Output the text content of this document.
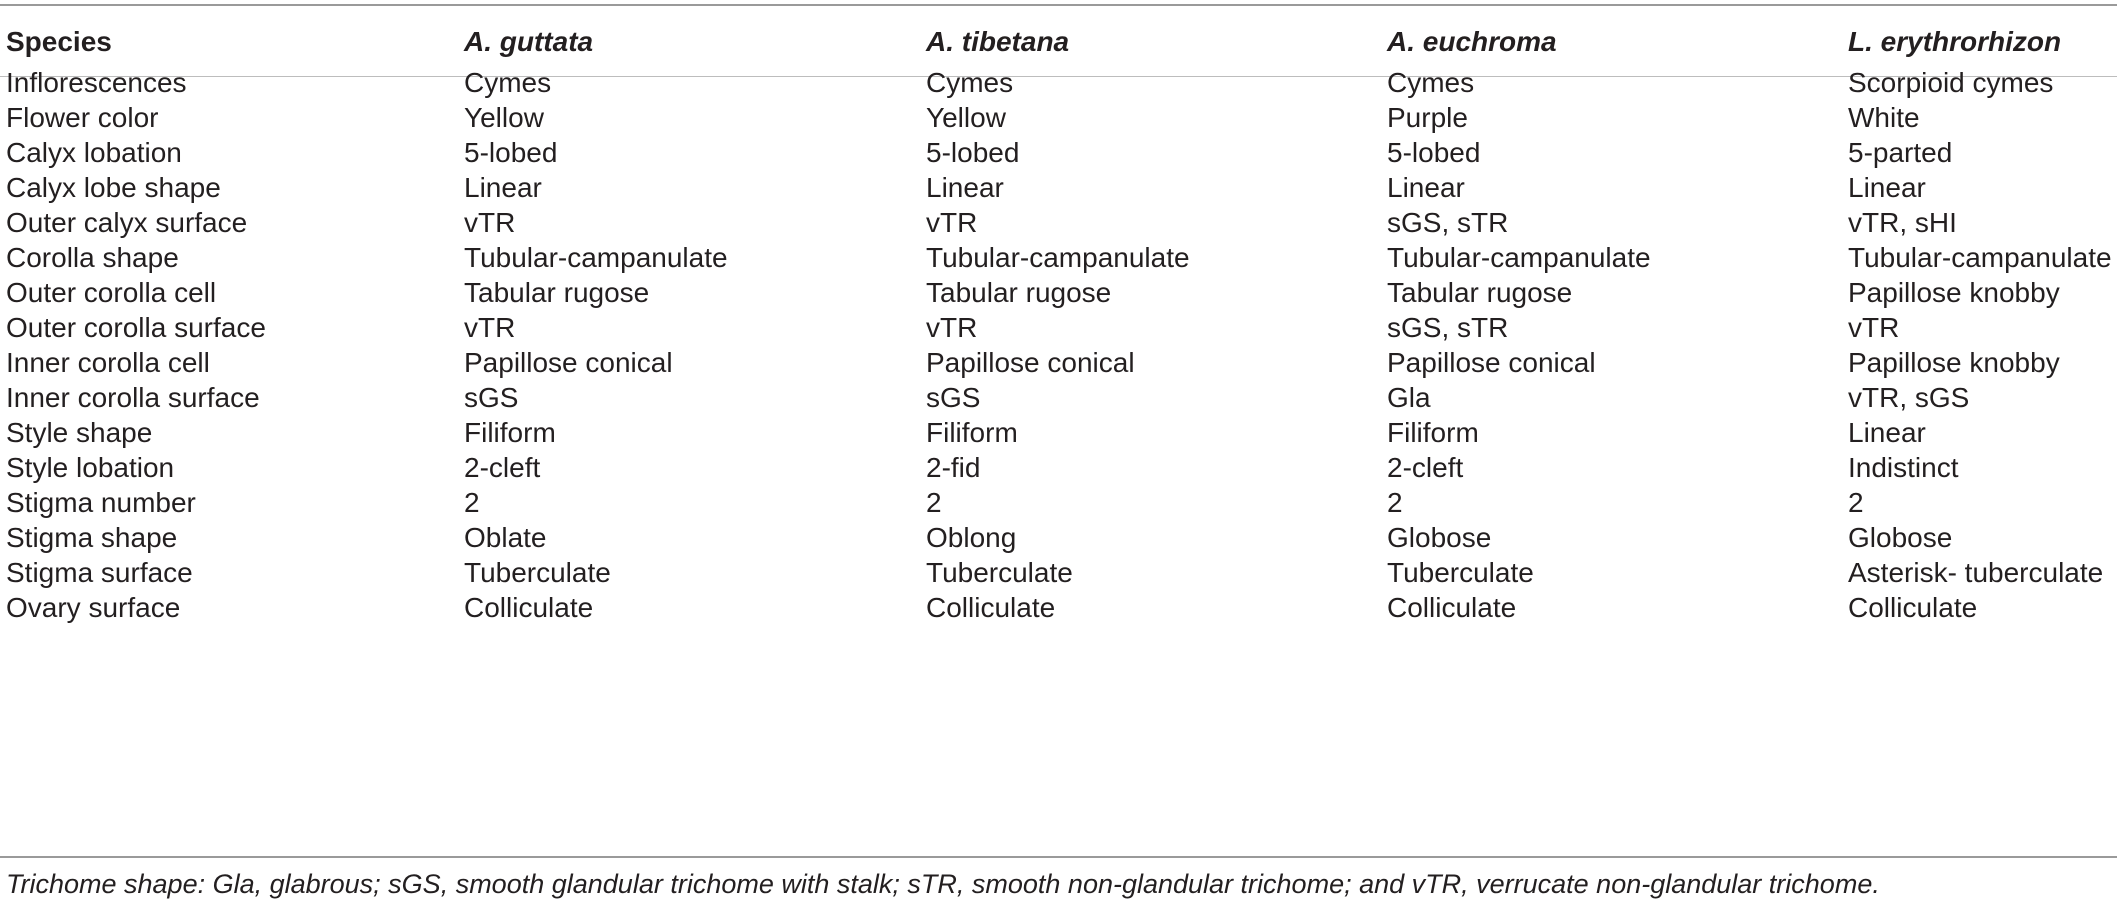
Species	A. guttata	A. tibetana	A. euchroma	L. erythrorhizon
Inflorescences	Cymes	Cymes	Cymes	Scorpioid cymes
Flower color	Yellow	Yellow	Purple	White
Calyx lobation	5-lobed	5-lobed	5-lobed	5-parted
Calyx lobe shape	Linear	Linear	Linear	Linear
Outer calyx surface	vTR	vTR	sGS, sTR	vTR, sHI
Corolla shape	Tubular-campanulate	Tubular-campanulate	Tubular-campanulate	Tubular-campanulate
Outer corolla cell	Tabular rugose	Tabular rugose	Tabular rugose	Papillose knobby
Outer corolla surface	vTR	vTR	sGS, sTR	vTR
Inner corolla cell	Papillose conical	Papillose conical	Papillose conical	Papillose knobby
Inner corolla surface	sGS	sGS	Gla	vTR, sGS
Style shape	Filiform	Filiform	Filiform	Linear
Style lobation	2-cleft	2-fid	2-cleft	Indistinct
Stigma number	2	2	2	2
Stigma shape	Oblate	Oblong	Globose	Globose
Stigma surface	Tuberculate	Tuberculate	Tuberculate	Asterisk- tuberculate
Ovary surface	Colliculate	Colliculate	Colliculate	Colliculate
Trichome shape: Gla, glabrous; sGS, smooth glandular trichome with stalk; sTR, smooth non-glandular trichome; and vTR, verrucate non-glandular trichome.
